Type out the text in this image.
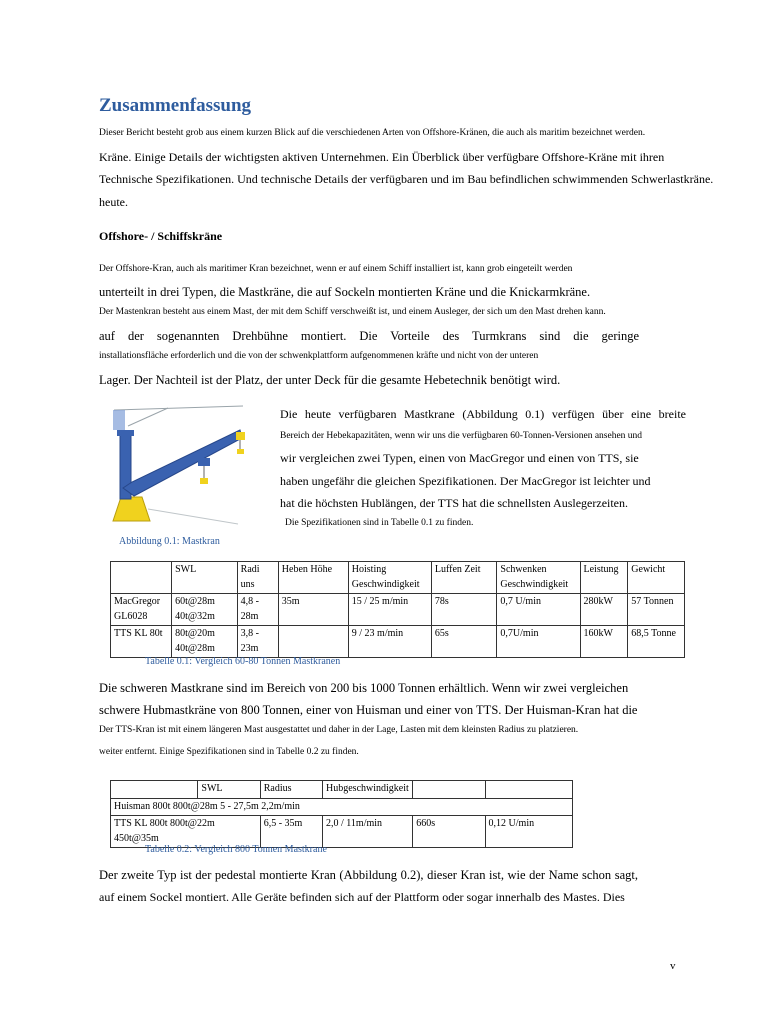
Zusammenfassung
Dieser Bericht besteht grob aus einem kurzen Blick auf die verschiedenen Arten von Offshore-Kränen, die auch als maritim bezeichnet werden.
Kräne. Einige Details der wichtigsten aktiven Unternehmen. Ein Überblick über verfügbare Offshore-Kräne mit ihren
Technische Spezifikationen. Und technische Details der verfügbaren und im Bau befindlichen schwimmenden Schwerlastkräne.
heute.
Offshore- / Schiffskräne
Der Offshore-Kran, auch als maritimer Kran bezeichnet, wenn er auf einem Schiff installiert ist, kann grob eingeteilt werden
unterteilt in drei Typen, die Mastkräne, die auf Sockeln montierten Kräne und die Knickarmkräne.
Der Mastenkran besteht aus einem Mast, der mit dem Schiff verschweißt ist, und einem Ausleger, der sich um den Mast drehen kann.
auf der sogenannten Drehbühne montiert. Die Vorteile des Turmkrans sind die geringe
installationsfläche erforderlich und die von der schwenkplattform aufgenommenen kräfte und nicht von der unteren
Lager. Der Nachteil ist der Platz, der unter Deck für die gesamte Hebetechnik benötigt wird.
Abbildung 0.1: Mastkran
Die heute verfügbaren Mastkrane (Abbildung 0.1) verfügen über eine breite
Bereich der Hebekapazitäten, wenn wir uns die verfügbaren 60-Tonnen-Versionen ansehen und
wir vergleichen zwei Typen, einen von MacGregor und einen von TTS, sie
haben ungefähr die gleichen Spezifikationen. Der MacGregor ist leichter und
hat die höchsten Hublängen, der TTS hat die schnellsten Auslegerzeiten.
Die Spezifikationen sind in Tabelle 0.1 zu finden.
	SWL	Radi uns	Heben Höhe	Hoisting Geschwindigkeit	Luffen Zeit	Schwenken Geschwindigkeit	Leistung	Gewicht
MacGregor GL6028	60t@28m 40t@32m	4,8 - 28m	35m	15 / 25 m/min	78s	0,7 U/min	280kW	57 Tonnen
TTS KL 80t	80t@20m 40t@28m	3,8 - 23m		9 / 23 m/min	65s	0,7U/min	160kW	68,5 Tonne
Tabelle 0.1: Vergleich 60-80 Tonnen Mastkranen
Die schweren Mastkrane sind im Bereich von 200 bis 1000 Tonnen erhältlich. Wenn wir zwei vergleichen
schwere Hubmastkräne von 800 Tonnen, einer von Huisman und einer von TTS. Der Huisman-Kran hat die
Der TTS-Kran ist mit einem längeren Mast ausgestattet und daher in der Lage, Lasten mit dem kleinsten Radius zu platzieren.
weiter entfernt. Einige Spezifikationen sind in Tabelle 0.2 zu finden.
	SWL	Radius	Hubgeschwindigkeit		
Huisman 800t 800t@28m 5 - 27,5m 2,2m/min					
TTS KL 800t 800t@22m 450t@35m		6,5 - 35m	2,0 / 11m/min	660s	0,12 U/min
Tabelle 0.2: Vergleich 800 Tonnen Mastkrane
Der zweite Typ ist der pedestal montierte Kran (Abbildung 0.2), dieser Kran ist, wie der Name schon sagt,
auf einem Sockel montiert. Alle Geräte befinden sich auf der Plattform oder sogar innerhalb des Mastes. Dies
v
